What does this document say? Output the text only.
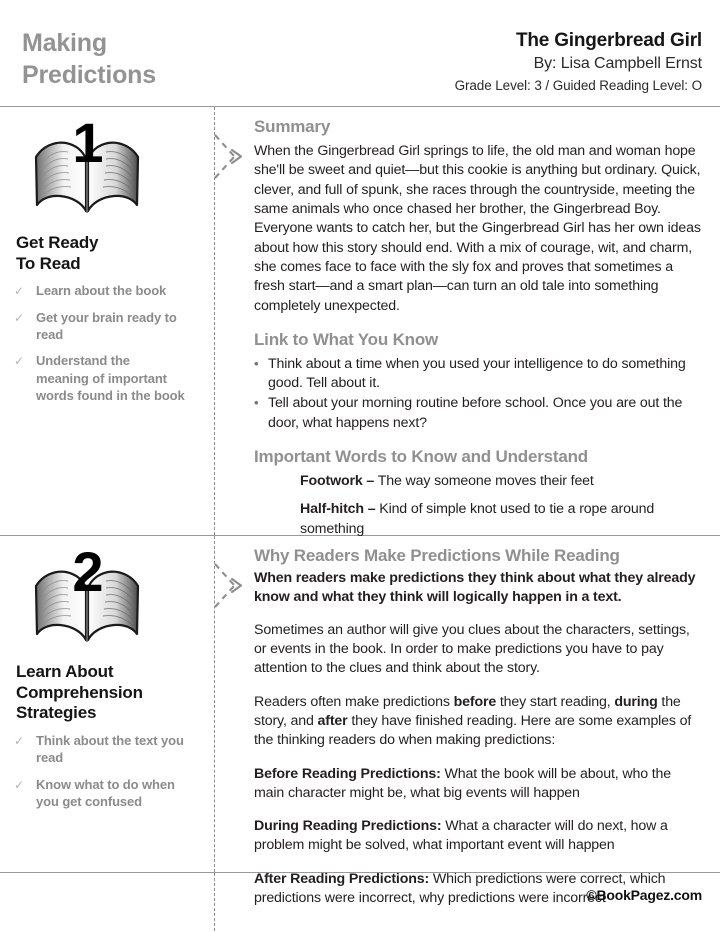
Making
Predictions
The Gingerbread Girl
By: Lisa Campbell Ernst
Grade Level: 3 / Guided Reading Level: O
1
Get Ready
To Read
✓ Learn about the book
✓ Get your brain ready to read
✓ Understand the meaning of important words found in the book
Summary

When the Gingerbread Girl springs to life, the old man and woman hope she'll be sweet and quiet—but this cookie is anything but ordinary. Quick, clever, and full of spunk, she races through the countryside, meeting the same animals who once chased her brother, the Gingerbread Boy. Everyone wants to catch her, but the Gingerbread Girl has her own ideas about how this story should end. With a mix of courage, wit, and charm, she comes face to face with the sly fox and proves that sometimes a fresh start—and a smart plan—can turn an old tale into something completely unexpected.

Link to What You Know
• Think about a time when you used your intelligence to do something good. Tell about it.
• Tell about your morning routine before school. Once you are out the door, what happens next?
Important Words to Know and Understand
Footwork – The way someone moves their feet
Half-hitch – Kind of simple knot used to tie a rope around something
2
Learn About
Comprehension
Strategies
✓ Think about the text you read
✓ Know what to do when you get confused
Why Readers Make Predictions While Reading

When readers make predictions they think about what they already know and what they think will logically happen in a text.

Sometimes an author will give you clues about the characters, settings, or events in the book. In order to make predictions you have to pay attention to the clues and think about the story.

Readers often make predictions before they start reading, during the story, and after they have finished reading. Here are some examples of the thinking readers do when making predictions:

Before Reading Predictions: What the book will be about, who the main character might be, what big events will happen

During Reading Predictions: What a character will do next, how a problem might be solved, what important event will happen

After Reading Predictions: Which predictions were correct, which predictions were incorrect, why predictions were incorrect

©BookPagez.com
